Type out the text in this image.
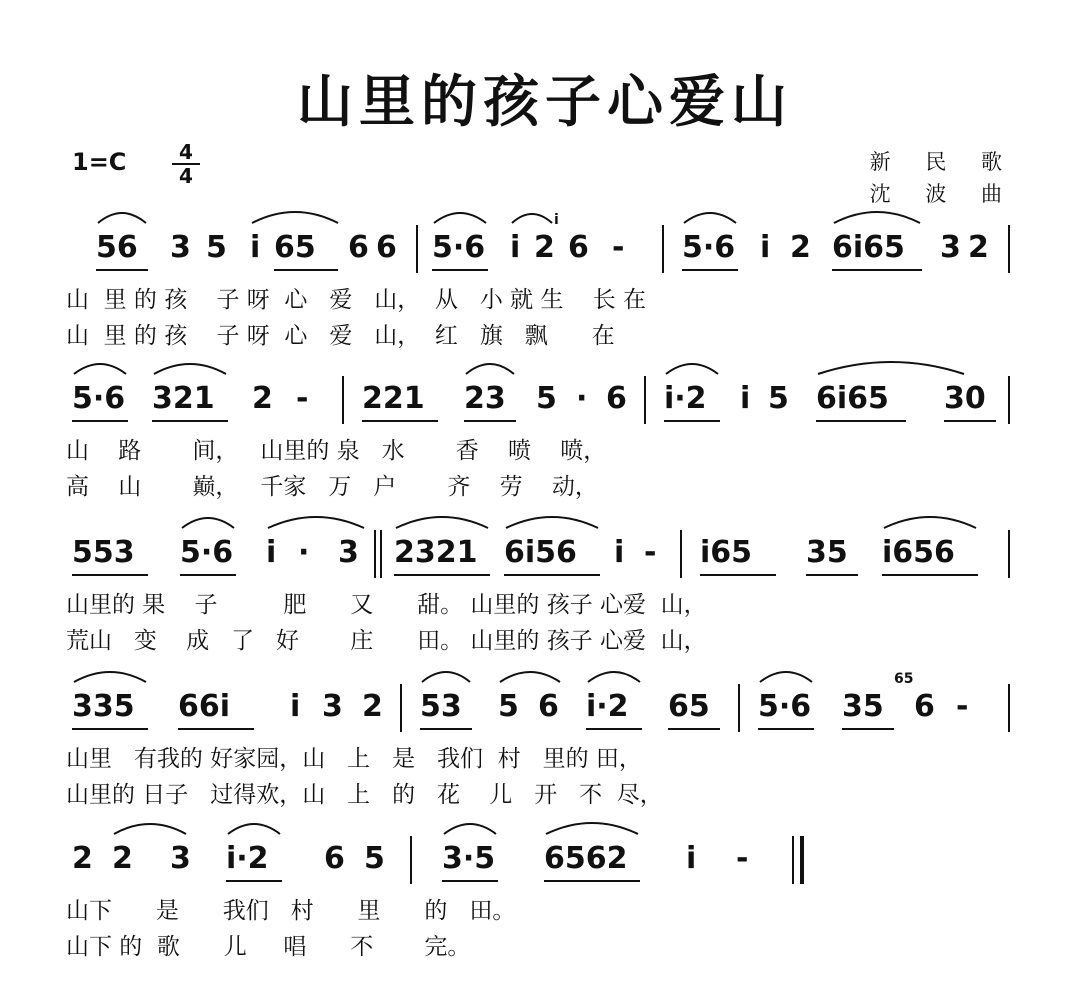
山里的孩子心爱山
1=C	4
4
新 民 歌
沈 波 曲
56 3 5 i 65 6 6 5·6 i 2 6 - 5·6 i 2 6i65 3 2
i
山  里 的 孩    子 呀  心   爱   山，  从   小 就 生    长 在
山  里 的 孩    子 呀  心   爱   山，  红   旗   飘      在
5·6 321 2 - 221 23 5 · 6 i·2 i 5 6i65 30
山    路       间，   山里的 泉   水       香    喷    喷，
高    山       巅，   千家   万   户       齐    劳    动，
553 5·6 i · 3 2321 6i56 i - i65 35 i656
山里的 果    子         肥      又      甜。 山里的 孩子 心爱  山，
荒山   变    成   了   好       庄      田。 山里的 孩子 心爱  山，
335 66i i 3 2 53 5 6 i·2 65 5·6 35 6 -
65
山里   有我的 好家园，山   上   是   我们  村   里的 田，
山里的 日子   过得欢，山   上   的   花    儿   开   不  尽，
2 2 3 i·2 6 5 3·5 6562 i -
山下      是      我们   村      里      的   田。
山下 的  歌      儿     唱      不       完。
